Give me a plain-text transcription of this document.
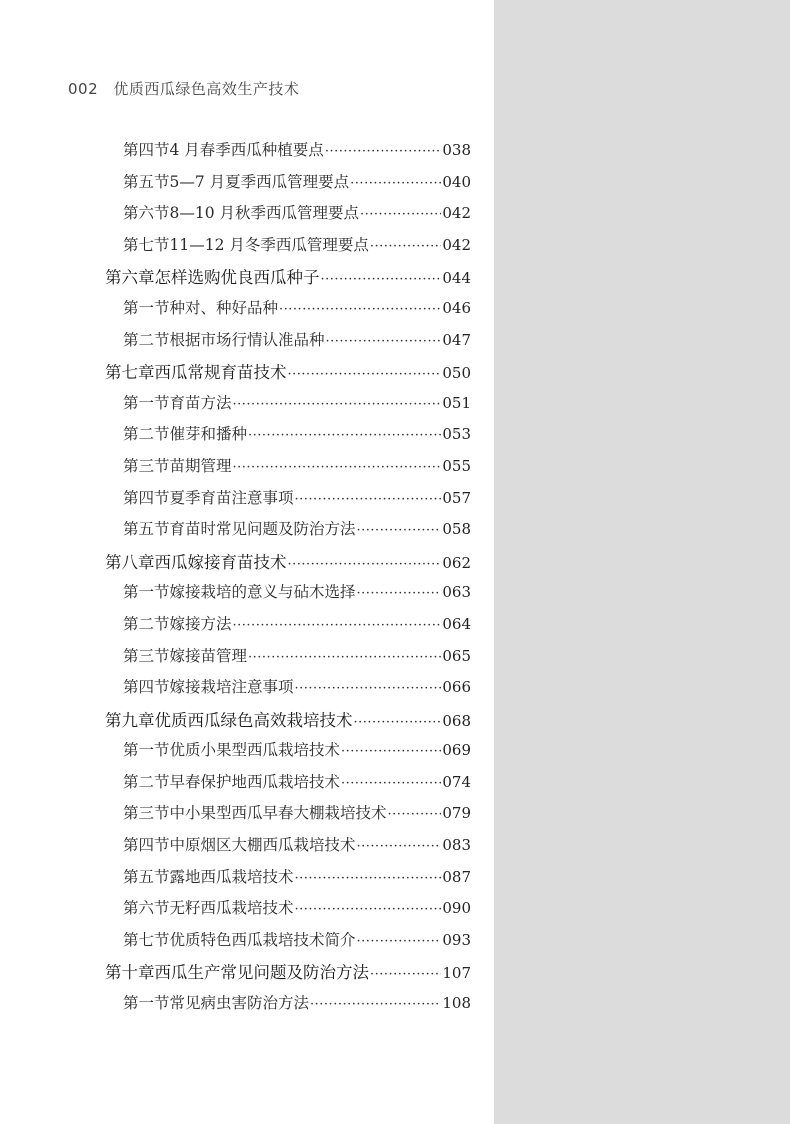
002 优质西瓜绿色高效生产技术
第四节 4 月春季西瓜种植要点 ·····	038
第五节 5—7 月夏季西瓜管理要点 ·····	040
第六节 8—10 月秋季西瓜管理要点 ·····	042
第七节 11—12 月冬季西瓜管理要点 ·····	042
第六章 怎样选购优良西瓜种子 ·····	044
第一节 种对、种好品种 ·····	046
第二节 根据市场行情认准品种 ·····	047
第七章 西瓜常规育苗技术 ·····	050
第一节 育苗方法 ·····	051
第二节 催芽和播种 ·····	053
第三节 苗期管理 ·····	055
第四节 夏季育苗注意事项 ·····	057
第五节 育苗时常见问题及防治方法 ·····	058
第八章 西瓜嫁接育苗技术 ·····	062
第一节 嫁接栽培的意义与砧木选择 ·····	063
第二节 嫁接方法 ·····	064
第三节 嫁接苗管理 ·····	065
第四节 嫁接栽培注意事项 ·····	066
第九章 优质西瓜绿色高效栽培技术 ·····	068
第一节 优质小果型西瓜栽培技术 ·····	069
第二节 早春保护地西瓜栽培技术 ·····	074
第三节 中小果型西瓜早春大棚栽培技术 ·····	079
第四节 中原烟区大棚西瓜栽培技术 ·····	083
第五节 露地西瓜栽培技术 ·····	087
第六节 无籽西瓜栽培技术 ·····	090
第七节 优质特色西瓜栽培技术简介 ·····	093
第十章 西瓜生产常见问题及防治方法 ·····	107
第一节 常见病虫害防治方法 ·····	108
